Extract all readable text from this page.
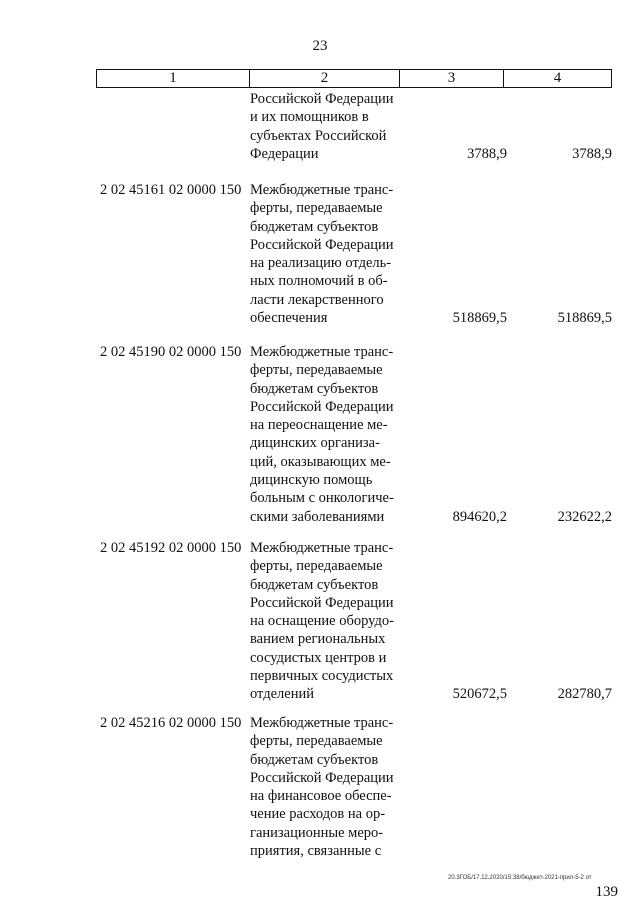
23
1	2	3	4
Российской Федерации
и их помощников в
субъектах Российской
Федерации	3788,9	3788,9
2 02 45161 02 0000 150 Межбюджетные транс-
ферты, передаваемые
бюджетам субъектов
Российской Федерации
на реализацию отдель-
ных полномочий в об-
ласти лекарственного
обеспечения	518869,5	518869,5
2 02 45190 02 0000 150 Межбюджетные транс-
ферты, передаваемые
бюджетам субъектов
Российской Федерации
на переоснащение ме-
дицинских организа-
ций, оказывающих ме-
дицинскую помощь
больным с онкологиче-
скими заболеваниями	894620,2	232622,2
2 02 45192 02 0000 150 Межбюджетные транс-
ферты, передаваемые
бюджетам субъектов
Российской Федерации
на оснащение оборудо-
ванием региональных
сосудистых центров и
первичных сосудистых
отделений	520672,5	282780,7
2 02 45216 02 0000 150 Межбюджетные транс-
ферты, передаваемые
бюджетам субъектов
Российской Федерации
на финансовое обеспе-
чение расходов на ор-
ганизационные меро-
приятия, связанные с
20.3ГОБ/17.12.2020/15:38/бюджет-2021-прил-5-2 от
139
